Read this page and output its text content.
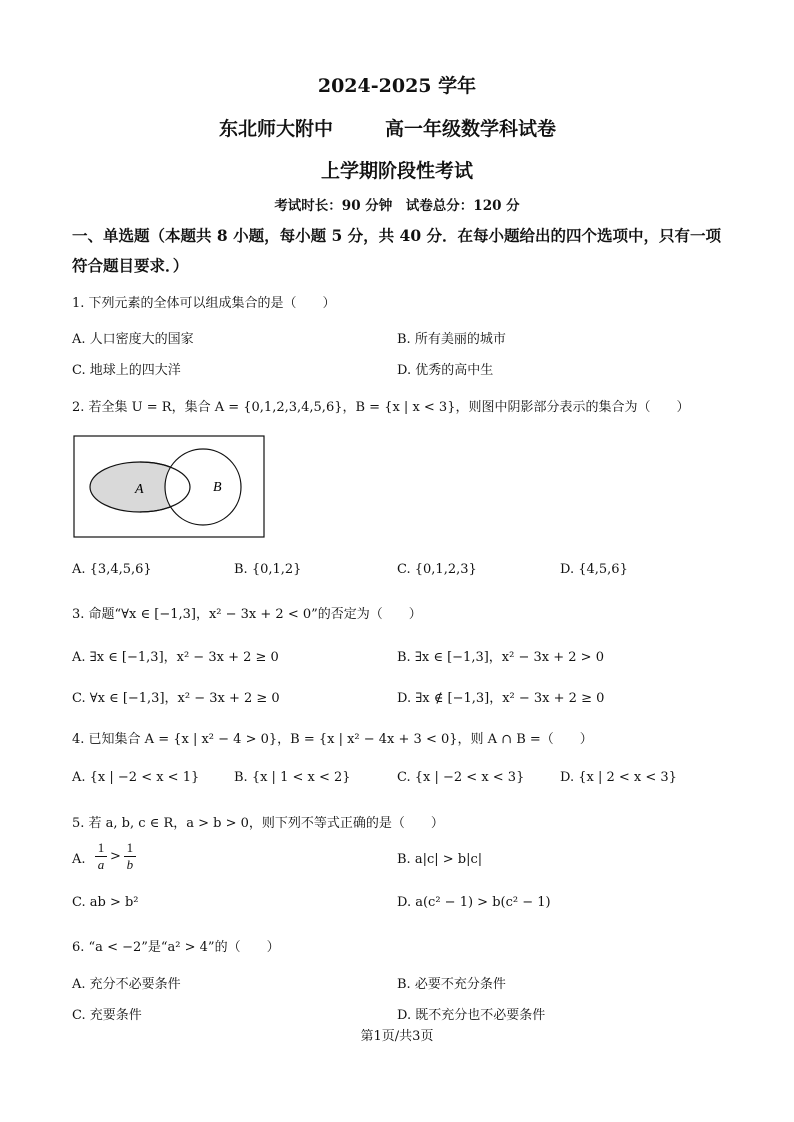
2024-2025 学年
东北师大附中	高一年级数学科试卷
上学期阶段性考试
考试时长：90 分钟　试卷总分：120 分
一、单选题（本题共 8 小题，每小题 5 分，共 40 分．在每小题给出的四个选项中，只有一项
符合题目要求．）
1. 下列元素的全体可以组成集合的是（　　）
A. 人口密度大的国家	B. 所有美丽的城市
C. 地球上的四大洋	D. 优秀的高中生
2. 若全集 U = R，集合 A = {0,1,2,3,4,5,6}，B = {x | x < 3}，则图中阴影部分表示的集合为（　　）
A	B
A. {3,4,5,6}	B. {0,1,2}	C. {0,1,2,3}	D. {4,5,6}
3. 命题“∀x ∈ [−1,3]，x² − 3x + 2 < 0”的否定为（　　）
A. ∃x ∈ [−1,3]，x² − 3x + 2 ≥ 0	B. ∃x ∈ [−1,3]，x² − 3x + 2 > 0
C. ∀x ∈ [−1,3]，x² − 3x + 2 ≥ 0	D. ∃x ∉ [−1,3]，x² − 3x + 2 ≥ 0
4. 已知集合 A = {x | x² − 4 > 0}，B = {x | x² − 4x + 3 < 0}，则 A ∩ B =（　　）
A. {x | −2 < x < 1}	B. {x | 1 < x < 2}	C. {x | −2 < x < 3}	D. {x | 2 < x < 3}
5. 若 a, b, c ∈ R，a > b > 0，则下列不等式正确的是（　　）
A.
1
a
>
1
b	B. a|c| > b|c|
C. ab > b²	D. a(c² − 1) > b(c² − 1)
6. “a < −2”是“a² > 4”的（　　）
A. 充分不必要条件	B. 必要不充分条件
C. 充要条件	D. 既不充分也不必要条件
第1页/共3页
